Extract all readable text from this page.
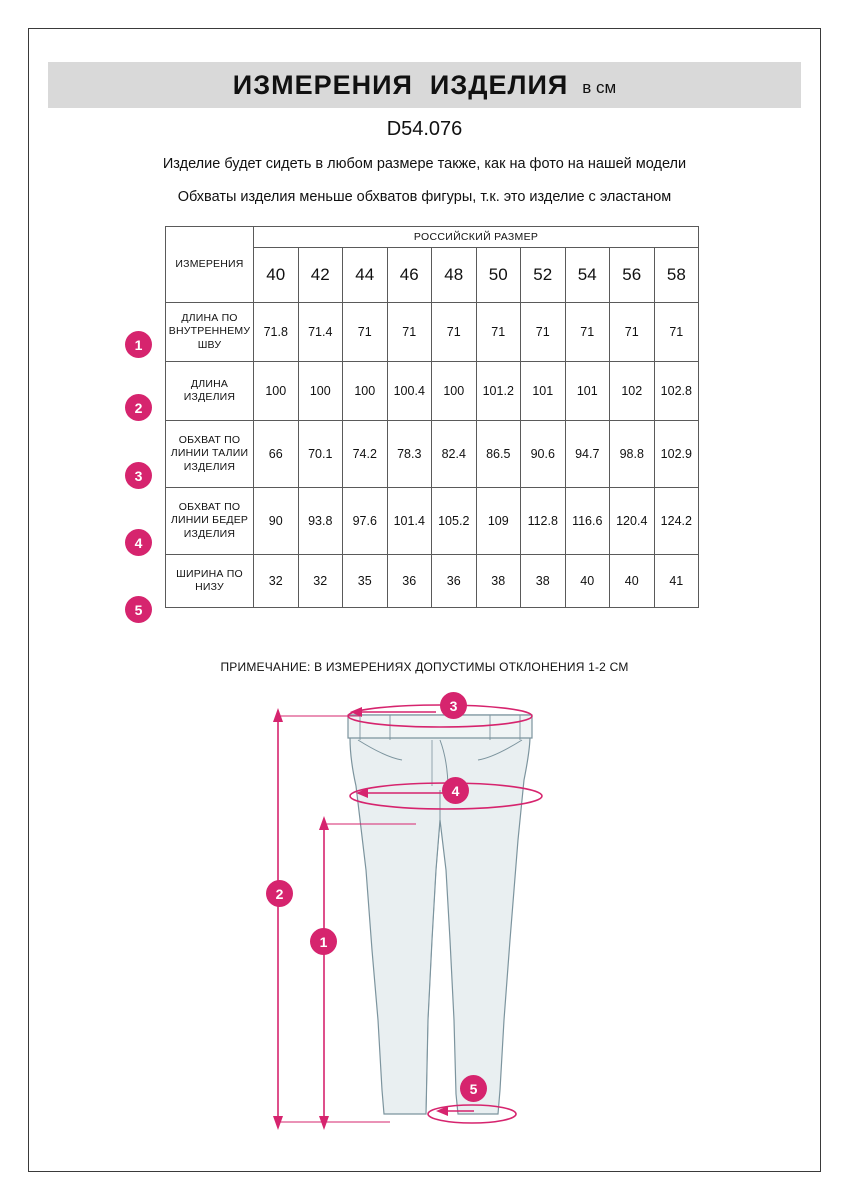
ИЗМЕРЕНИЯ  ИЗДЕЛИЯ в см
D54.076
Изделие будет сидеть в любом размере также, как на фото на нашей модели
Обхваты изделия меньше обхватов фигуры, т.к. это изделие с эластаном
ИЗМЕРЕНИЯ	РОССИЙСКИЙ РАЗМЕР									
	40	42	44	46	48	50	52	54	56	58
ДЛИНА ПО ВНУТРЕННЕМУ ШВУ	71.8	71.4	71	71	71	71	71	71	71	71
ДЛИНА ИЗДЕЛИЯ	100	100	100	100.4	100	101.2	101	101	102	102.8
ОБХВАТ ПО ЛИНИИ ТАЛИИ ИЗДЕЛИЯ	66	70.1	74.2	78.3	82.4	86.5	90.6	94.7	98.8	102.9
ОБХВАТ ПО ЛИНИИ БЕДЕР ИЗДЕЛИЯ	90	93.8	97.6	101.4	105.2	109	112.8	116.6	120.4	124.2
ШИРИНА ПО НИЗУ	32	32	35	36	36	38	38	40	40	41
1
2
3
4
5
ПРИМЕЧАНИЕ: В ИЗМЕРЕНИЯХ ДОПУСТИМЫ ОТКЛОНЕНИЯ 1-2 СМ
3
4
2
1
5
